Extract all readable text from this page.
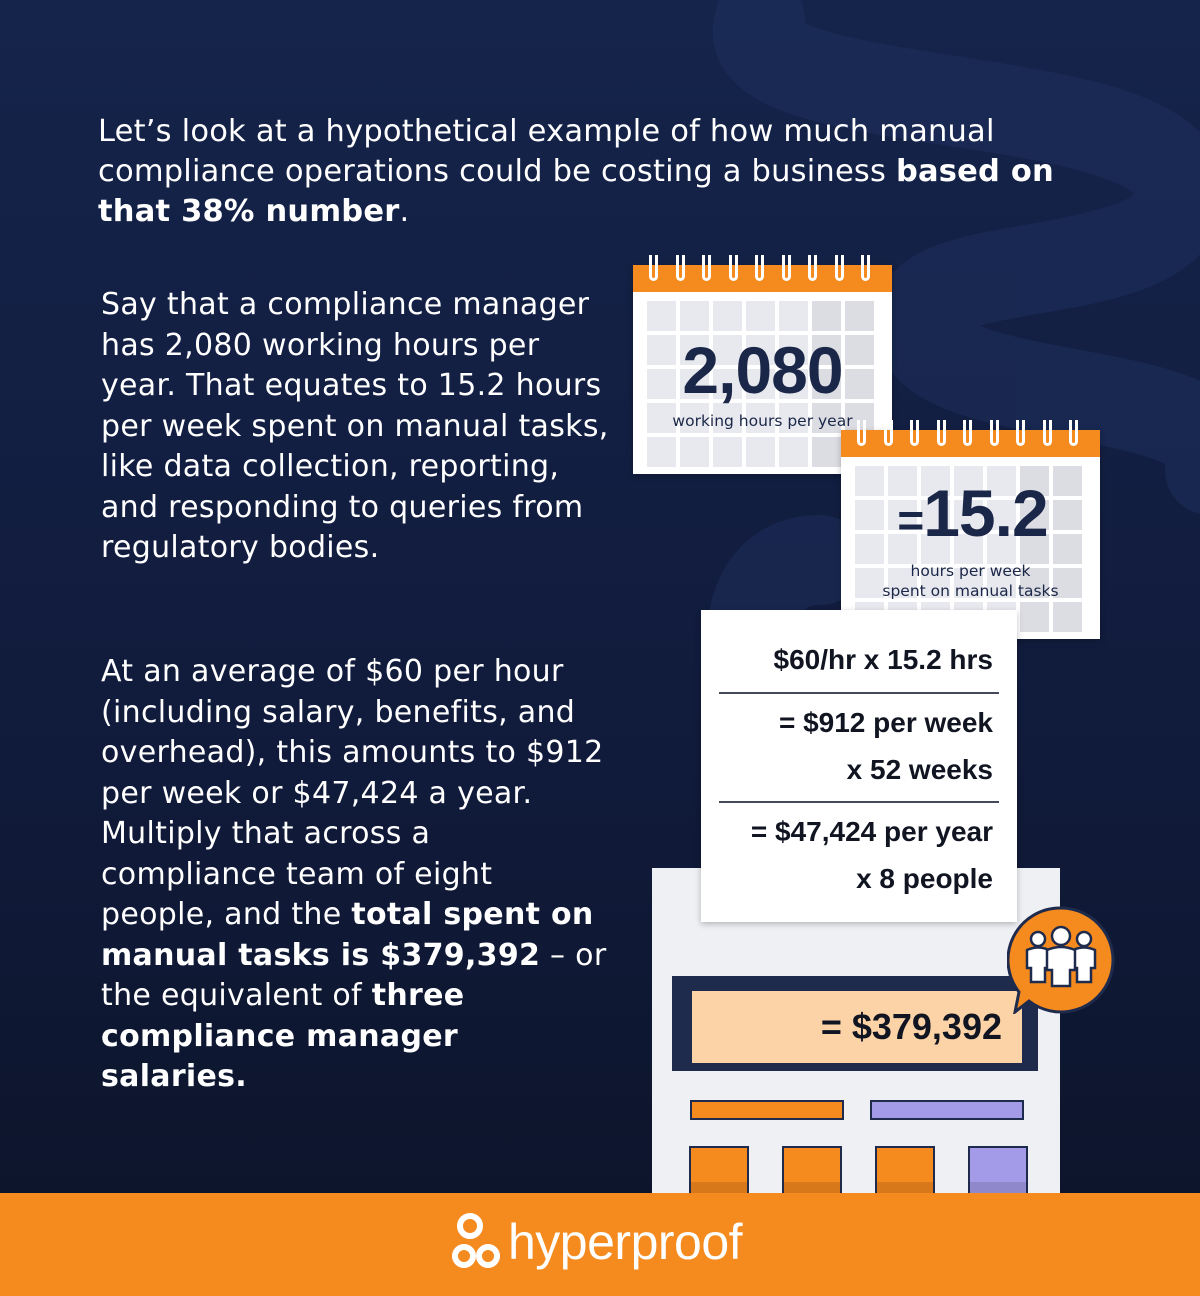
Let’s look at a hypothetical example of how much manual compliance operations could be costing a business based on that 38% number.

Say that a compliance manager has 2,080 working hours per year. That equates to 15.2 hours per week spent on manual tasks, like data collection, reporting, and responding to queries from regulatory bodies.

At an average of $60 per hour (including salary, benefits, and overhead), this amounts to $912 per week or $47,424 a year. Multiply that across a compliance team of eight people, and the total spent on manual tasks is $379,392 – or the equivalent of three compliance manager salaries.

2,080
working hours per year
=15.2
hours per week
spent on manual tasks
= $379,392
$60/hr x 15.2 hrs
= $912 per week
x 52 weeks
= $47,424 per year
x 8 people
hyperproof
